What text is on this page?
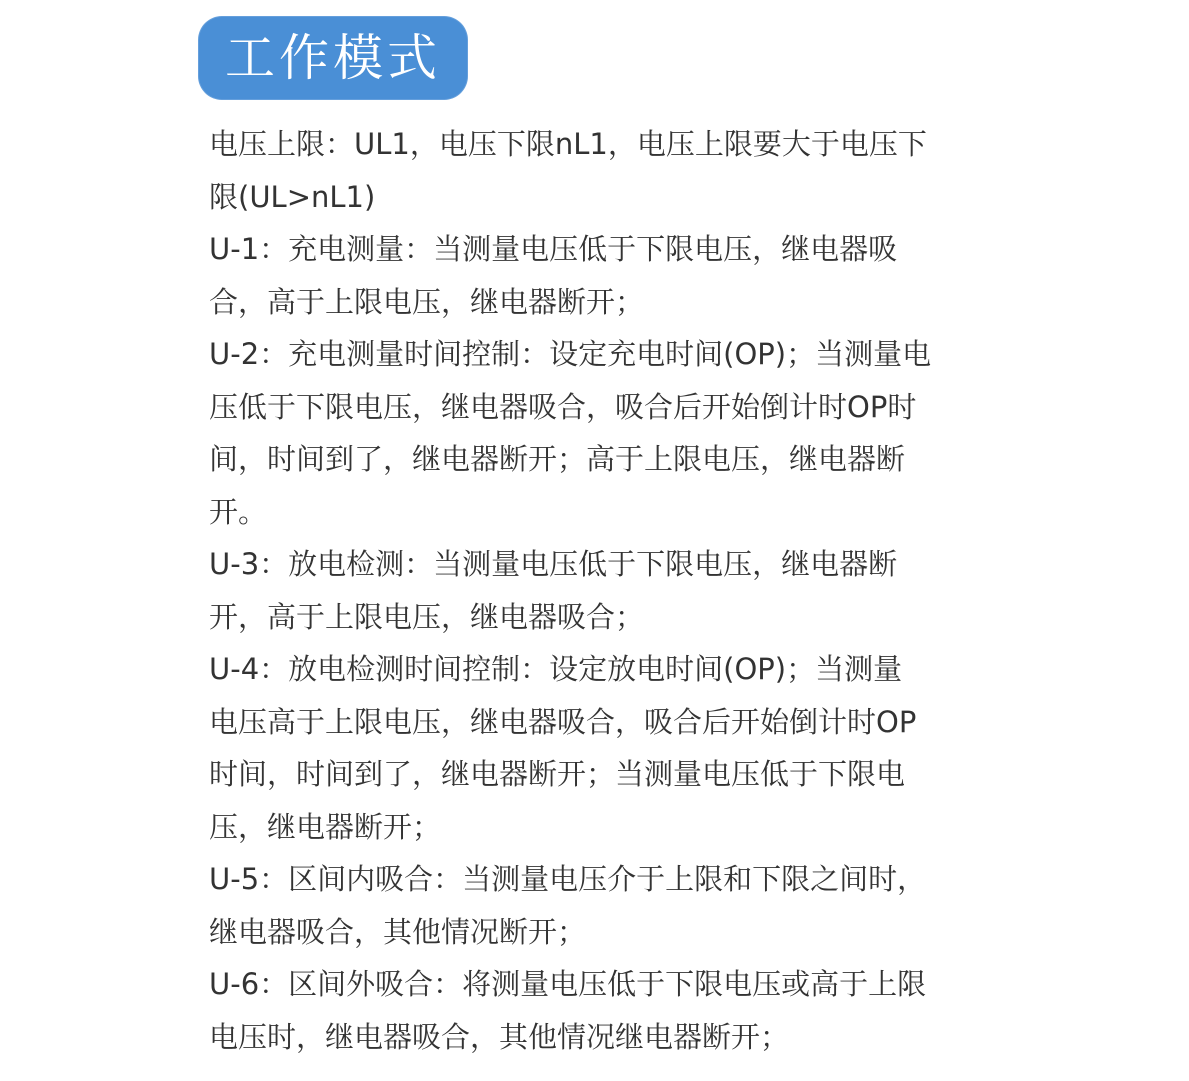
工作模式
电压上限：UL1，电压下限nL1，电压上限要大于电压下
限(UL>nL1)
U-1：充电测量：当测量电压低于下限电压，继电器吸
合，高于上限电压，继电器断开；
U-2：充电测量时间控制：设定充电时间(OP)；当测量电
压低于下限电压，继电器吸合，吸合后开始倒计时OP时
间，时间到了，继电器断开；高于上限电压，继电器断
开。
U-3：放电检测：当测量电压低于下限电压，继电器断
开，高于上限电压，继电器吸合；
U-4：放电检测时间控制：设定放电时间(OP)；当测量
电压高于上限电压，继电器吸合，吸合后开始倒计时OP
时间，时间到了，继电器断开；当测量电压低于下限电
压，继电器断开；
U-5：区间内吸合：当测量电压介于上限和下限之间时，
继电器吸合，其他情况断开；
U-6：区间外吸合：将测量电压低于下限电压或高于上限
电压时，继电器吸合，其他情况继电器断开；
